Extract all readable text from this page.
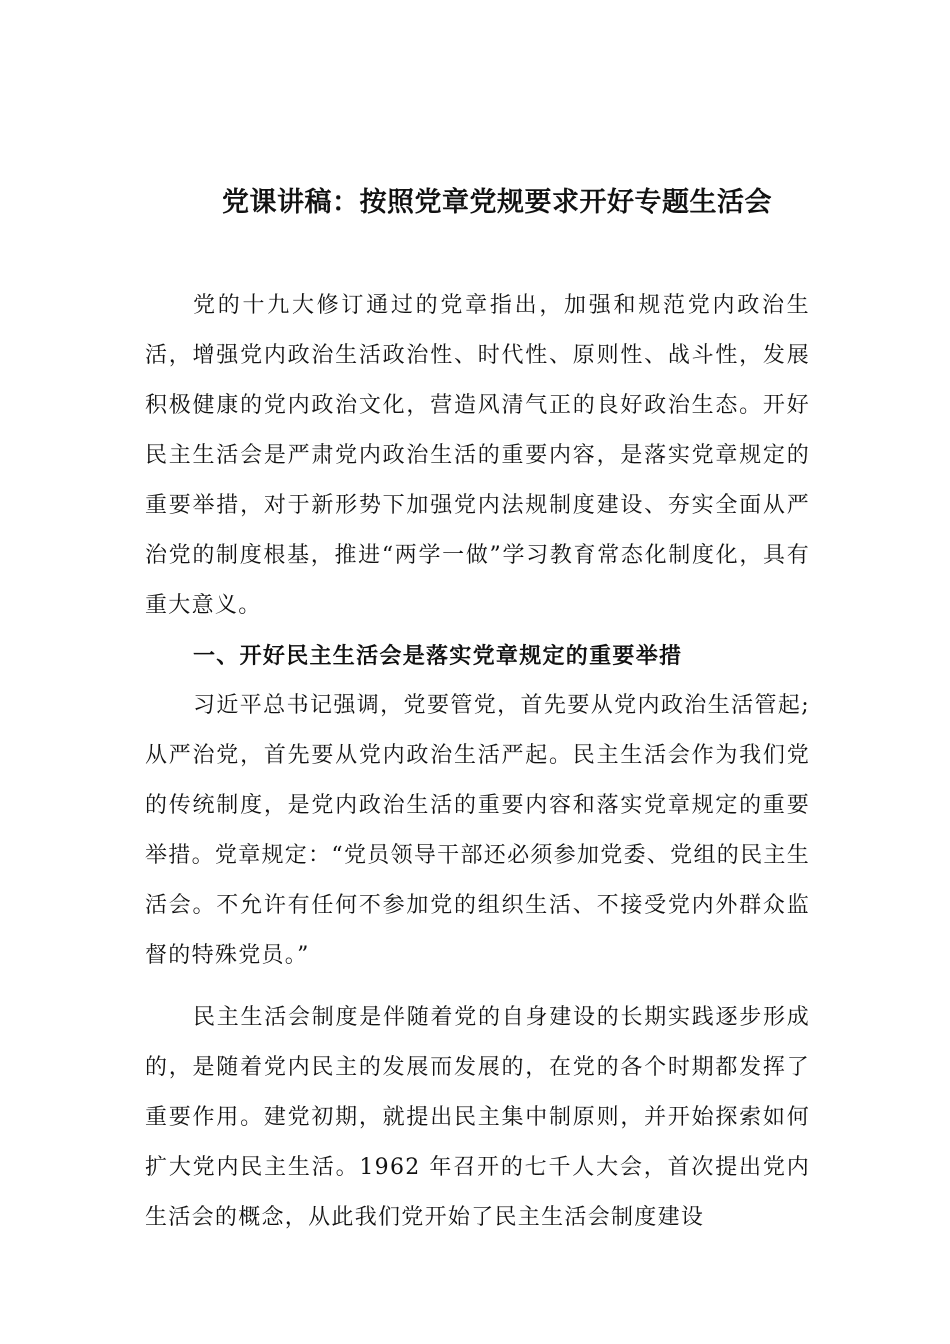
党课讲稿：按照党章党规要求开好专题生活会

党的十九大修订通过的党章指出，加强和规范党内政治生活，增强党内政治生活政治性、时代性、原则性、战斗性，发展积极健康的党内政治文化，营造风清气正的良好政治生态。开好民主生活会是严肃党内政治生活的重要内容，是落实党章规定的重要举措，对于新形势下加强党内法规制度建设、夯实全面从严治党的制度根基，推进“两学一做”学习教育常态化制度化，具有重大意义。

一、开好民主生活会是落实党章规定的重要举措

习近平总书记强调，党要管党，首先要从党内政治生活管起;从严治党，首先要从党内政治生活严起。民主生活会作为我们党的传统制度，是党内政治生活的重要内容和落实党章规定的重要举措。党章规定：“党员领导干部还必须参加党委、党组的民主生活会。不允许有任何不参加党的组织生活、不接受党内外群众监督的特殊党员。”

民主生活会制度是伴随着党的自身建设的长期实践逐步形成的，是随着党内民主的发展而发展的，在党的各个时期都发挥了重要作用。建党初期，就提出民主集中制原则，并开始探索如何扩大党内民主生活。1962 年召开的七千人大会，首次提出党内生活会的概念，从此我们党开始了民主生活会制度建设
